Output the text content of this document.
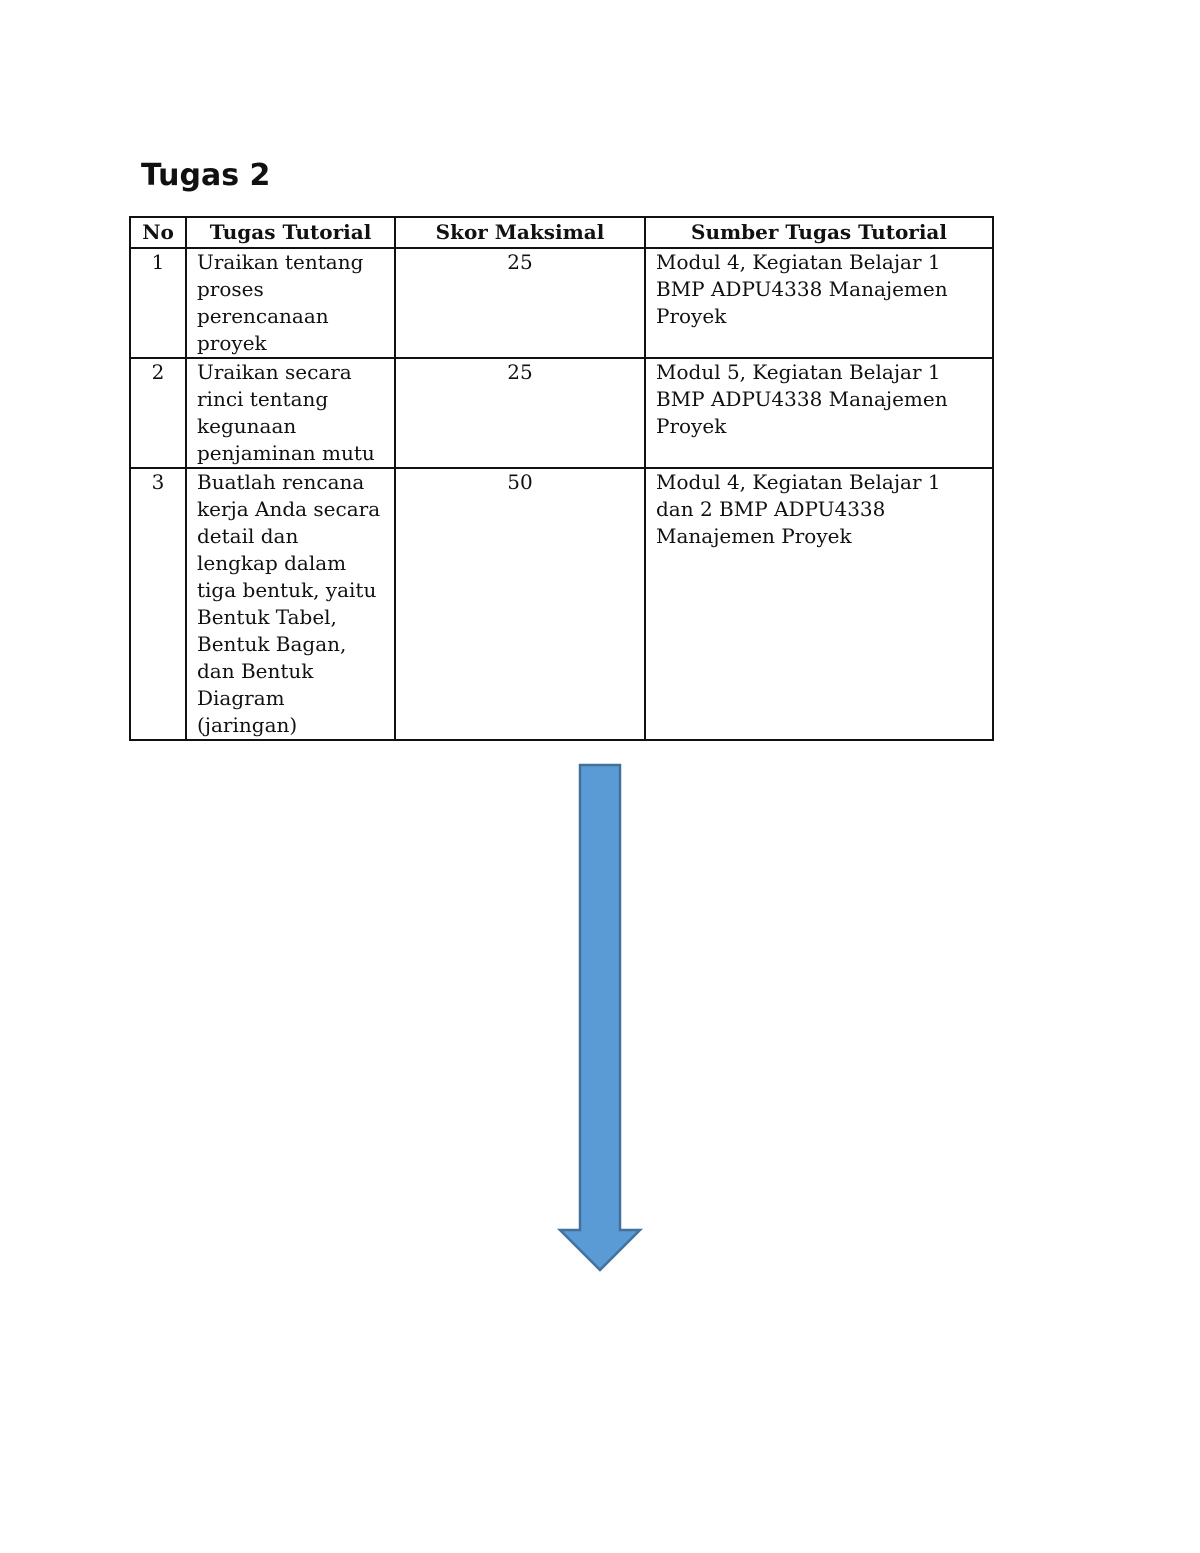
Tugas 2
No	Tugas Tutorial	Skor Maksimal	Sumber Tugas Tutorial
1	Uraikan tentang proses perencanaan proyek	25	Modul 4, Kegiatan Belajar 1 BMP ADPU4338 Manajemen Proyek
2	Uraikan secara rinci tentang kegunaan penjaminan mutu	25	Modul 5, Kegiatan Belajar 1 BMP ADPU4338 Manajemen Proyek
3	Buatlah rencana kerja Anda secara detail dan lengkap dalam tiga bentuk, yaitu Bentuk Tabel, Bentuk Bagan, dan Bentuk Diagram (jaringan)	50	Modul 4, Kegiatan Belajar 1 dan 2 BMP ADPU4338 Manajemen Proyek
